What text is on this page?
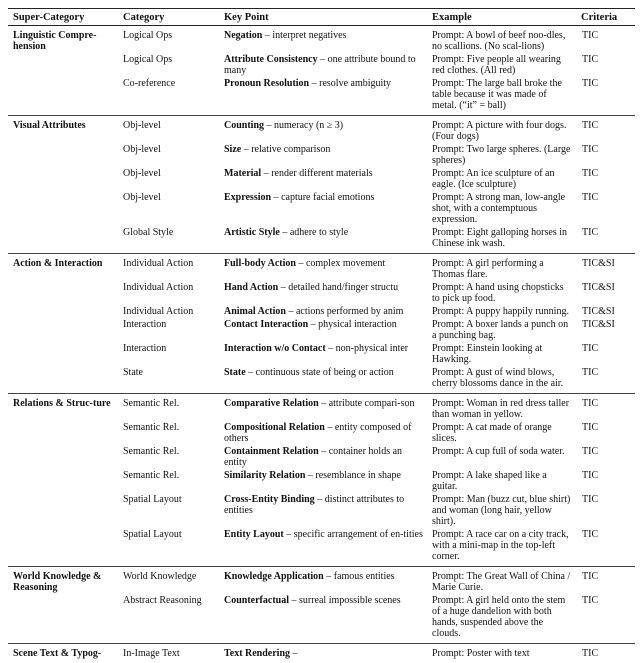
Super-Category	Category	Key Point	Example	Criteria
Linguistic Compre-hension	Logical Ops	Negation – interpret negatives	Prompt: A bowl of beef noo-dles, no scallions. (No scal-lions)	TIC
	Logical Ops	Attribute Consistency – one attribute bound to many	Prompt: Five people all wearing red clothes. (All red)	TIC
	Co-reference	Pronoun Resolution – resolve ambiguity	Prompt: The large ball broke the table because it was made of metal. (“it” = ball)	TIC
Visual Attributes	Obj-level	Counting – numeracy (n ≥ 3)	Prompt: A picture with four dogs. (Four dogs)	TIC
	Obj-level	Size – relative comparison	Prompt: Two large spheres. (Large spheres)	TIC
	Obj-level	Material – render different materials	Prompt: An ice sculpture of an eagle. (Ice sculpture)	TIC
	Obj-level	Expression – capture facial emotions	Prompt: A strong man, low-angle shot, with a contemptuous expression.	TIC
	Global Style	Artistic Style – adhere to style	Prompt: Eight galloping horses in Chinese ink wash.	TIC
Action & Interaction	Individual Action	Full-body Action – complex movement	Prompt: A girl performing a Thomas flare.	TIC&SI
	Individual Action	Hand Action – detailed hand/finger structu	Prompt: A hand using chopsticks to pick up food.	TIC&SI
	Individual Action	Animal Action – actions performed by anim	Prompt: A puppy happily running.	TIC&SI
	Interaction	Contact Interaction – physical interaction	Prompt: A boxer lands a punch on a punching bag.	TIC&SI
	Interaction	Interaction w/o Contact – non-physical inter	Prompt: Einstein looking at Hawking.	TIC
	State	State – continuous state of being or action	Prompt: A gust of wind blows, cherry blossoms dance in the air.	TIC
Relations & Struc-ture	Semantic Rel.	Comparative Relation – attribute compari-son	Prompt: Woman in red dress taller than woman in yellow.	TIC
	Semantic Rel.	Compositional Relation – entity composed of others	Prompt: A cat made of orange slices.	TIC
	Semantic Rel.	Containment Relation – container holds an entity	Prompt: A cup full of soda water.	TIC
	Semantic Rel.	Similarity Relation – resemblance in shape	Prompt: A lake shaped like a guitar.	TIC
	Spatial Layout	Cross-Entity Binding – distinct attributes to entities	Prompt: Man (buzz cut, blue shirt) and woman (long hair, yellow shirt).	TIC
	Spatial Layout	Entity Layout – specific arrangement of en-tities	Prompt: A race car on a city track, with a mini-map in the top-left corner.	TIC
World Knowledge & Reasoning	World Knowledge	Knowledge Application – famous entities	Prompt: The Great Wall of China / Marie Curie.	TIC
	Abstract Reasoning	Counterfactual – surreal impossible scenes	Prompt: A girl held onto the stem of a huge dandelion with both hands, suspended above the clouds.	TIC
Scene Text & Typog-	In-Image Text	Text Rendering –	Prompt: Poster with text	TIC
